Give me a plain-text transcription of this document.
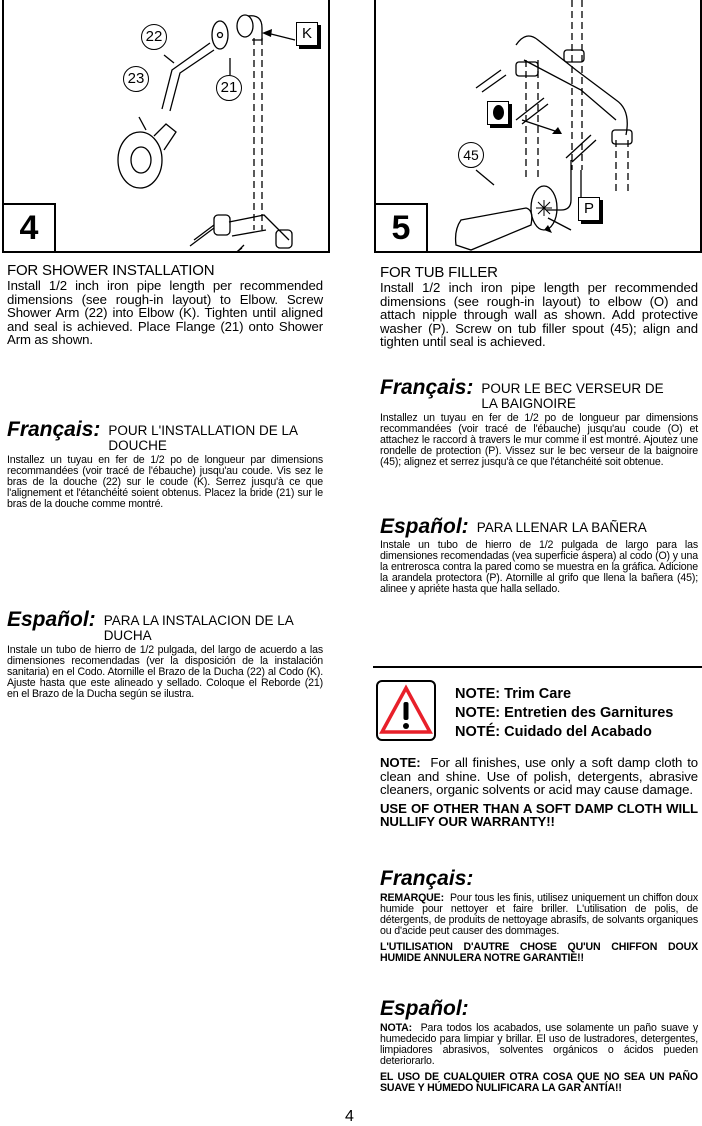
22
23
21
K
4
45
P
5
FOR SHOWER INSTALLATION
Install 1/2 inch iron pipe length per recommended dimensions (see rough-in layout) to Elbow. Screw Shower Arm (22) into Elbow (K). Tighten until aligned and seal is achieved. Place Flange (21) onto Shower Arm as shown.
Français: POUR L'INSTALLATION DE LA DOUCHE
Installez un tuyau en fer de 1/2 po de longueur par dimensions recommandées (voir tracé de l'ébauche) jusqu'au coude. Vis sez le bras de la douche (22) sur le coude (K). Serrez jusqu'à ce que l'alignement et l'étanchéité soient obtenus. Placez la bride (21) sur le bras de la douche comme montré.
Español: PARA LA INSTALACION DE LA DUCHA
Instale un tubo de hierro de 1/2 pulgada, del largo de acuerdo a las dimensiones recomendadas (ver la disposición de la instalación sanitaria) en el Codo. Atornille el Brazo de la Ducha (22) al Codo (K). Ajuste hasta que este alineado y sellado. Coloque el Reborde (21) en el Brazo de la Ducha según se ilustra.
FOR TUB FILLER
Install 1/2 inch iron pipe length per recommended dimensions (see rough-in layout) to elbow (O) and attach nipple through wall as shown. Add protective washer (P). Screw on tub filler spout (45); align and tighten until seal is achieved.
Français: POUR LE BEC VERSEUR DE LA BAIGNOIRE
Installez un tuyau en fer de 1/2 po de longueur par dimensions recommandées (voir tracé de l'ébauche) jusqu'au coude (O) et attachez le raccord à travers le mur comme il est montré. Ajoutez une rondelle de protection (P). Vissez sur le bec verseur de la baignoire (45); alignez et serrez jusqu'à ce que l'étanchéité soit obtenue.
Español: PARA LLENAR LA BAÑERA
Instale un tubo de hierro de 1/2 pulgada de largo para las dimensiones recomendadas (vea superficie áspera) al codo (O) y una la entrerosca contra la pared como se muestra en la gráfica. Adicione la arandela protectora (P). Atornille al grifo que llena la bañera (45); alinee y apriéte hasta que halla sellado.
NOTE: Trim Care
NOTE: Entretien des Garnitures
NOTÉ: Cuidado del Acabado
NOTE: For all finishes, use only a soft damp cloth to clean and shine. Use of polish, detergents, abrasive cleaners, organic solvents or acid may cause damage.
USE OF OTHER THAN A SOFT DAMP CLOTH WILL NULLIFY OUR WARRANTY!!
Français:
REMARQUE: Pour tous les finis, utilisez uniquement un chiffon doux humide pour nettoyer et faire briller. L'utilisation de polis, de détergents, de produits de nettoyage abrasifs, de solvants organiques ou d'acide peut causer des dommages.
L'UTILISATION D'AUTRE CHOSE QU'UN CHIFFON DOUX HUMIDE ANNULERA NOTRE GARANTIE!!
Español:
NOTA: Para todos los acabados, use solamente un paño suave y humedecido para limpiar y brillar. El uso de lustradores, detergentes, limpiadores abrasivos, solventes orgánicos o ácidos pueden deteriorarlo.
EL USO DE CUALQUIER OTRA COSA QUE NO SEA UN PAÑO SUAVE Y HÚMEDO NULIFICARA LA GAR ANTÍA!!
4
